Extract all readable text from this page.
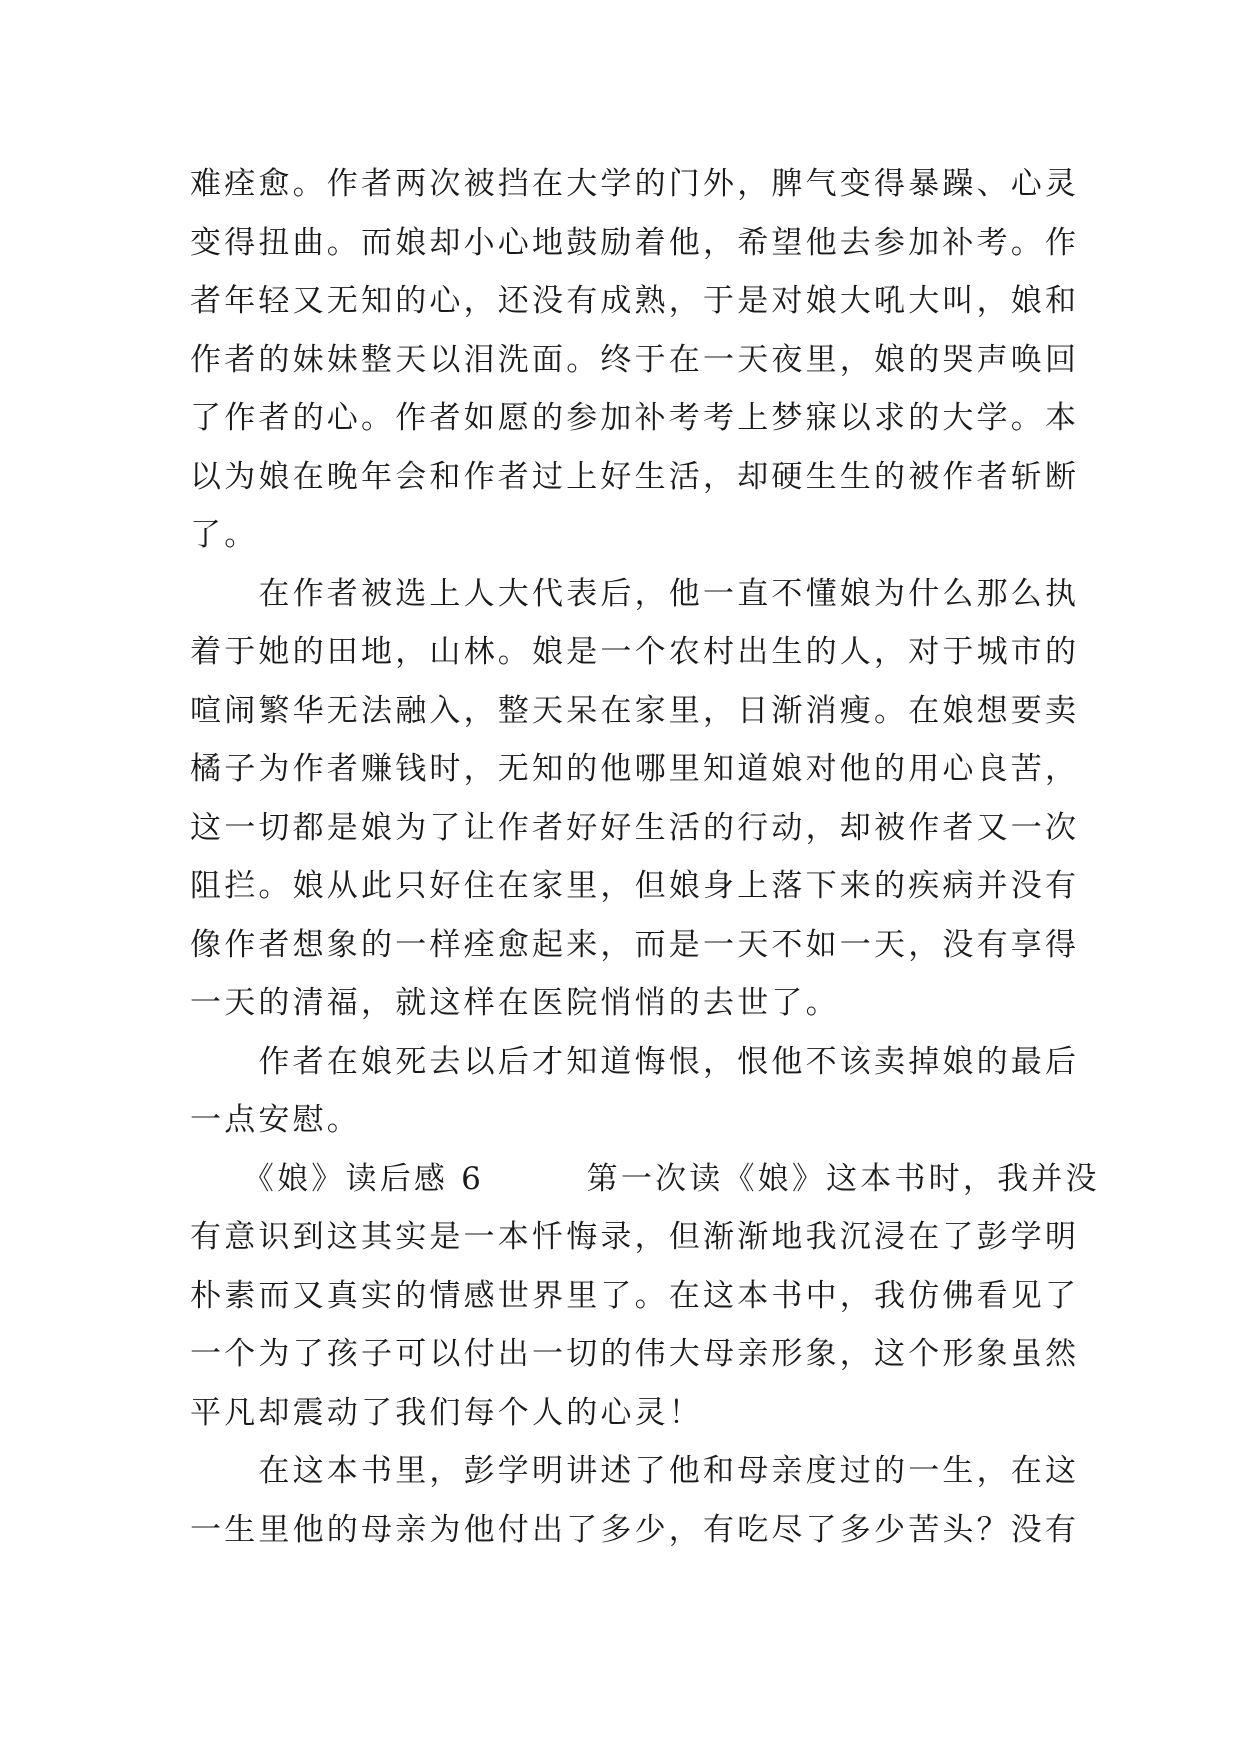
难痊愈。作者两次被挡在大学的门外，脾气变得暴躁、心灵
变得扭曲。而娘却小心地鼓励着他，希望他去参加补考。作
者年轻又无知的心，还没有成熟，于是对娘大吼大叫，娘和
作者的妹妹整天以泪洗面。终于在一天夜里，娘的哭声唤回
了作者的心。作者如愿的参加补考考上梦寐以求的大学。本
以为娘在晚年会和作者过上好生活，却硬生生的被作者斩断
了。
　　在作者被选上人大代表后，他一直不懂娘为什么那么执
着于她的田地，山林。娘是一个农村出生的人，对于城市的
喧闹繁华无法融入，整天呆在家里，日渐消瘦。在娘想要卖
橘子为作者赚钱时，无知的他哪里知道娘对他的用心良苦，
这一切都是娘为了让作者好好生活的行动，却被作者又一次
阻拦。娘从此只好住在家里，但娘身上落下来的疾病并没有
像作者想象的一样痊愈起来，而是一天不如一天，没有享得
一天的清福，就这样在医院悄悄的去世了。
　　作者在娘死去以后才知道悔恨，恨他不该卖掉娘的最后
一点安慰。
　　《娘》读后感 6　　　第一次读《娘》这本书时，我并没
有意识到这其实是一本忏悔录，但渐渐地我沉浸在了彭学明
朴素而又真实的情感世界里了。在这本书中，我仿佛看见了
一个为了孩子可以付出一切的伟大母亲形象，这个形象虽然
平凡却震动了我们每个人的心灵！
　　在这本书里，彭学明讲述了他和母亲度过的一生，在这
一生里他的母亲为他付出了多少，有吃尽了多少苦头？没有
